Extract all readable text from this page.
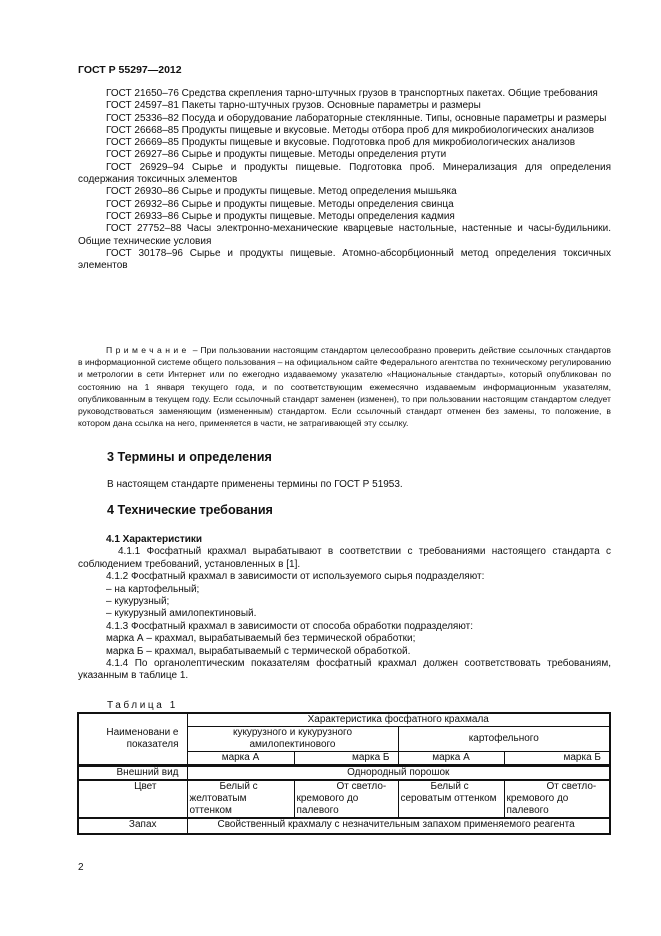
ГОСТ Р 55297—2012

ГОСТ 21650–76 Средства скрепления тарно-штучных грузов в транспортных пакетах. Общие требования

ГОСТ 24597–81 Пакеты тарно-штучных грузов. Основные параметры и размеры

ГОСТ 25336–82 Посуда и оборудование лабораторные стеклянные. Типы, основные параметры и размеры

ГОСТ 26668–85 Продукты пищевые и вкусовые. Методы отбора проб для микробиологических анализов

ГОСТ 26669–85 Продукты пищевые и вкусовые. Подготовка проб для микробиологических анализов

ГОСТ 26927–86 Сырье и продукты пищевые. Методы определения ртути

ГОСТ 26929–94 Сырье и продукты пищевые. Подготовка проб. Минерализация для определения содержания токсичных элементов

ГОСТ 26930–86 Сырье и продукты пищевые. Метод определения мышьяка

ГОСТ 26932–86 Сырье и продукты пищевые. Методы определения свинца

ГОСТ 26933–86 Сырье и продукты пищевые. Методы определения кадмия

ГОСТ 27752–88 Часы электронно-механические кварцевые настольные, настенные и часы-будильники. Общие технические условия

ГОСТ 30178–96 Сырье и продукты пищевые. Атомно-абсорбционный метод определения токсичных элементов

Примечание – При пользовании настоящим стандартом целесообразно проверить действие ссылочных стандартов в информационной системе общего пользования – на официальном сайте Федерального агентства по техническому регулированию и метрологии в сети Интернет или по ежегодно издаваемому указателю «Национальные стандарты», который опубликован по состоянию на 1 января текущего года, и по соответствующим ежемесячно издаваемым информационным указателям, опубликованным в текущем году. Если ссылочный стандарт заменен (изменен), то при пользовании настоящим стандартом следует руководствоваться заменяющим (измененным) стандартом. Если ссылочный стандарт отменен без замены, то положение, в котором дана ссылка на него, применяется в части, не затрагивающей эту ссылку.

3 Термины и определения
В настоящем стандарте применены термины по ГОСТ Р 51953.
4 Технические требования

4.1 Характеристики

4.1.1 Фосфатный крахмал вырабатывают в соответствии с требованиями настоящего стандарта с соблюдением требований, установленных в [1].

4.1.2 Фосфатный крахмал в зависимости от используемого сырья подразделяют:

– на картофельный;

– кукурузный;

– кукурузный амилопектиновый.

4.1.3 Фосфатный крахмал в зависимости от способа обработки подразделяют:

марка А – крахмал, вырабатываемый без термической обработки;

марка Б – крахмал, вырабатываемый с термической обработкой.

4.1.4 По органолептическим показателям фосфатный крахмал должен соответствовать требованиям, указанным в таблице 1.

Таблица 1
Наименовани е показателя	Характеристика фосфатного крахмала			
	кукурузного и кукурузного амилопектинового		картофельного	
	марка А	марка Б	марка А	марка Б
Внешний вид	Однородный порошок			
Цвет	Белый с желтоватым оттенком	От светло-кремового до палевого	Белый с сероватым оттенком	От светло-кремового до палевого
Запах	Свойственный крахмалу с незначительным запахом применяемого реагента			
2
